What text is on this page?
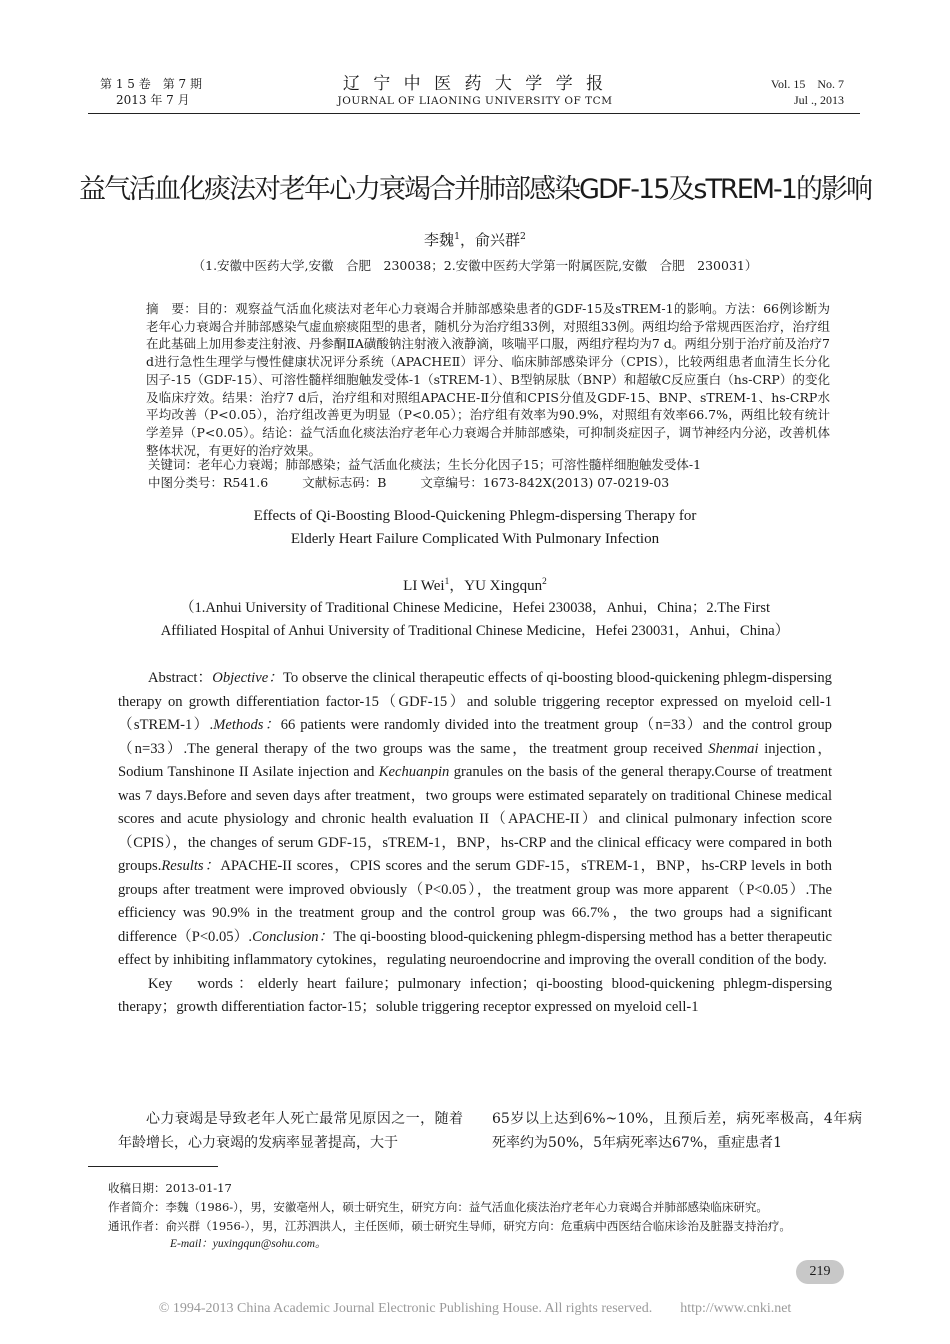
第 1 5 卷　第 7 期
2013 年 7 月
辽 宁 中 医 药 大 学 学 报
JOURNAL OF LIAONING UNIVERSITY OF TCM
Vol. 15　No. 7
Jul ., 2013
益气活血化痰法对老年心力衰竭合并肺部感染GDF-15及sTREM-1的影响
李魏$^1$，俞兴群$^2$
（1.安徽中医药大学,安徽　合肥　230038；2.安徽中医药大学第一附属医院,安徽　合肥　230031）
摘　要：目的：观察益气活血化痰法对老年心力衰竭合并肺部感染患者的GDF-15及sTREM-1的影响。方法：66例诊断为老年心力衰竭合并肺部感染气虚血瘀痰阻型的患者，随机分为治疗组33例，对照组33例。两组均给予常规西医治疗，治疗组在此基础上加用参麦注射液、丹参酮ⅡA磺酸钠注射液入液静滴，咳喘平口服，两组疗程均为7 d。两组分别于治疗前及治疗7 d进行急性生理学与慢性健康状况评分系统（APACHEⅡ）评分、临床肺部感染评分（CPIS），比较两组患者血清生长分化因子-15（GDF-15）、可溶性髓样细胞触发受体-1（sTREM-1）、B型钠尿肽（BNP）和超敏C反应蛋白（hs-CRP）的变化及临床疗效。结果：治疗7 d后，治疗组和对照组APACHE-Ⅱ分值和CPIS分值及GDF-15、BNP、sTREM-1、hs-CRP水平均改善（P<0.05），治疗组改善更为明显（P<0.05）；治疗组有效率为90.9%，对照组有效率66.7%，两组比较有统计学差异（P<0.05）。结论：益气活血化痰法治疗老年心力衰竭合并肺部感染，可抑制炎症因子，调节神经内分泌，改善机体整体状况，有更好的治疗效果。
关键词：老年心力衰竭；肺部感染；益气活血化痰法；生长分化因子15；可溶性髓样细胞触发受体-1
中图分类号：R541.6	文献标志码：B	文章编号：1673-842X(2013) 07-0219-03
Effects of Qi-Boosting Blood-Quickening Phlegm-dispersing Therapy for
Elderly Heart Failure Complicated With Pulmonary Infection
LI Wei$^1$，YU Xingqun$^2$
（1.Anhui University of Traditional Chinese Medicine，Hefei 230038，Anhui，China；2.The First
Affiliated Hospital of Anhui University of Traditional Chinese Medicine，Hefei 230031，Anhui，China）

Abstract：Objective：To observe the clinical therapeutic effects of qi-boosting blood-quickening phlegm-dispersing therapy on growth differentiation factor-15（GDF-15）and soluble triggering receptor expressed on myeloid cell-1（sTREM-1）.Methods：66 patients were randomly divided into the treatment group（n=33）and the control group（n=33）.The general therapy of the two groups was the same，the treatment group received Shenmai injection，Sodium Tanshinone II Asilate injection and Kechuanpin granules on the basis of the general therapy.Course of treatment was 7 days.Before and seven days after treatment，two groups were estimated separately on traditional Chinese medical scores and acute physiology and chronic health evaluation II（APACHE-II）and clinical pulmonary infection score（CPIS），the changes of serum GDF-15，sTREM-1，BNP，hs-CRP and the clinical efficacy were compared in both groups.Results：APACHE-II scores，CPIS scores and the serum GDF-15，sTREM-1，BNP，hs-CRP levels in both groups after treatment were improved obviously（P<0.05），the treatment group was more apparent（P<0.05）.The efficiency was 90.9% in the treatment group and the control group was 66.7%，the two groups had a significant difference（P<0.05）.Conclusion：The qi-boosting blood-quickening phlegm-dispersing method has a better therapeutic effect by inhibiting inflammatory cytokines，regulating neuroendocrine and improving the overall condition of the body.

Key　words：elderly heart failure；pulmonary infection；qi-boosting blood-quickening phlegm-dispersing therapy；growth differentiation factor-15；soluble triggering receptor expressed on myeloid cell-1

心力衰竭是导致老年人死亡最常见原因之一，随着年龄增长，心力衰竭的发病率显著提高，大于
65岁以上达到6%~10%，且预后差，病死率极高，4年病死率约为50%，5年病死率达67%，重症患者1
收稿日期：2013-01-17
作者简介：李魏（1986-），男，安徽亳州人，硕士研究生，研究方向：益气活血化痰法治疗老年心力衰竭合并肺部感染临床研究。
通讯作者：俞兴群（1956-），男，江苏泗洪人，主任医师，硕士研究生导师，研究方向：危重病中西医结合临床诊治及脏器支持治疗。
E-mail：yuxingqun@sohu.com。
219
© 1994-2013 China Academic Journal Electronic Publishing House. All rights reserved.　　http://www.cnki.net
